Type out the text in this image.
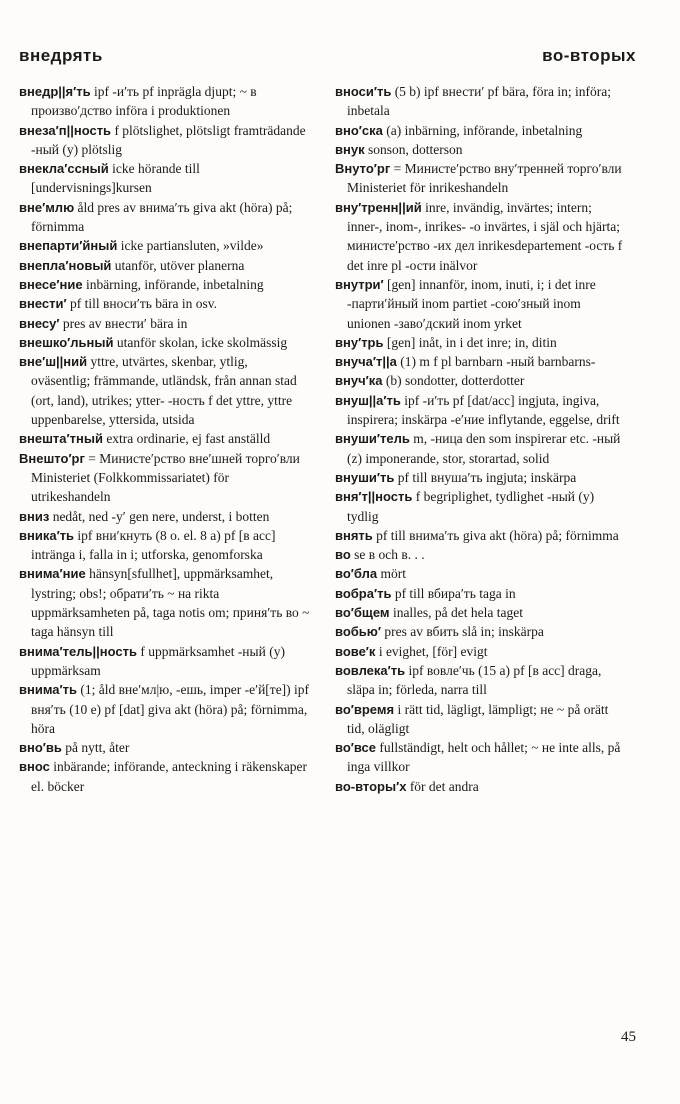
внедрять	во-вторых

внедр||я′ть ipf -и′ть pf inprägla djupt; ~ в произво′дство införa i produktionen

внеза′п||ность f plötslighet, plötsligt framträdande -ный (y) plötslig

внекла′ссный icke hörande till [undervisnings]kursen

вне′млю åld pres av внима′ть giva akt (höra) på; förnimma

внепарти′йный icke partiansluten, »vilde»

внепла′новый utanför, utöver planerna

внесе′ние inbärning, införande, inbetalning

внести′ pf till вноси′ть bära in osv.

внесу′ pres av внести′ bära in

внешко′льный utanför skolan, icke skolmässig

вне′ш||ний yttre, utvärtes, skenbar, ytlig, oväsentlig; främmande, utländsk, från annan stad (ort, land), utrikes; ytter- -ность f det yttre, yttre uppenbarelse, yttersida, utsida

внешта′тный extra ordinarie, ej fast anställd

Внешто′рг = Министе′рство вне′шней торго′вли Ministeriet (Folkkommissariatet) för utrikeshandeln

вниз nedåt, ned -у′ gen nere, underst, i botten

вника′ть ipf вни′кнуть (8 o. el. 8 a) pf [в acc] intränga i, falla in i; utforska, genomforska

внима′ние hänsyn[sfullhet], uppmärksamhet, lystring; obs!; обрати′ть ~ на rikta uppmärksamheten på, taga notis om; приня′ть во ~ taga hänsyn till

внима′тель||ность f uppmärksamhet -ный (y) uppmärksam

внима′ть (1; åld вне′мл|ю, -ешь, imper -е′й[те]) ipf вня′ть (10 e) pf [dat] giva akt (höra) på; förnimma, höra

вно′вь på nytt, åter

внос inbärande; införande, anteckning i räkenskaper el. böcker

вноси′ть (5 b) ipf внести′ pf bära, föra in; införa; inbetala

вно′ска (a) inbärning, införande, inbetalning

внук sonson, dotterson

Внуто′рг = Министе′рство вну′тренней торго′вли Ministeriet för inrikeshandeln

вну′тренн||ий inre, invändig, invärtes; intern; inner-, inom-, inrikes- -о invärtes, i själ och hjärta; министе′рство -их дел inrikesdepartement -ость f det inre pl -ости inälvor

внутри′ [gen] innanför, inom, inuti, i; i det inre -парти′йный inom partiet -сою′зный inom unionen -заво′дский inom yrket

вну′трь [gen] inåt, in i det inre; in, ditin

внуча′т||а (1) m f pl barnbarn -ный barnbarns-

внуч′ка (b) sondotter, dotterdotter

внуш||а′ть ipf -и′ть pf [dat/acc] ingjuta, ingiva, inspirera; inskärpa -е′ние inflytande, eggelse, drift

внуши′тель m, -ница den som inspirerar etc. -ный (z) imponerande, stor, storartad, solid

внуши′ть pf till внуша′ть ingjuta; inskärpa

вня′т||ность f begriplighet, tydlighet -ный (y) tydlig

внять pf till внима′ть giva akt (höra) på; förnimma

во se в och в. . .

во′бла mört

вобра′ть pf till вбира′ть taga in

во′бщем inalles, på det hela taget

вобью′ pres av вбить slå in; inskärpa

вове′к i evighet, [för] evigt

вовлека′ть ipf вовле′чь (15 a) pf [в acc] draga, släpa in; förleda, narra till

во′время i rätt tid, lägligt, lämpligt; не ~ på orätt tid, olägligt

во′все fullständigt, helt och hållet; ~ не inte alls, på inga villkor

во-вторы′х för det andra

45
